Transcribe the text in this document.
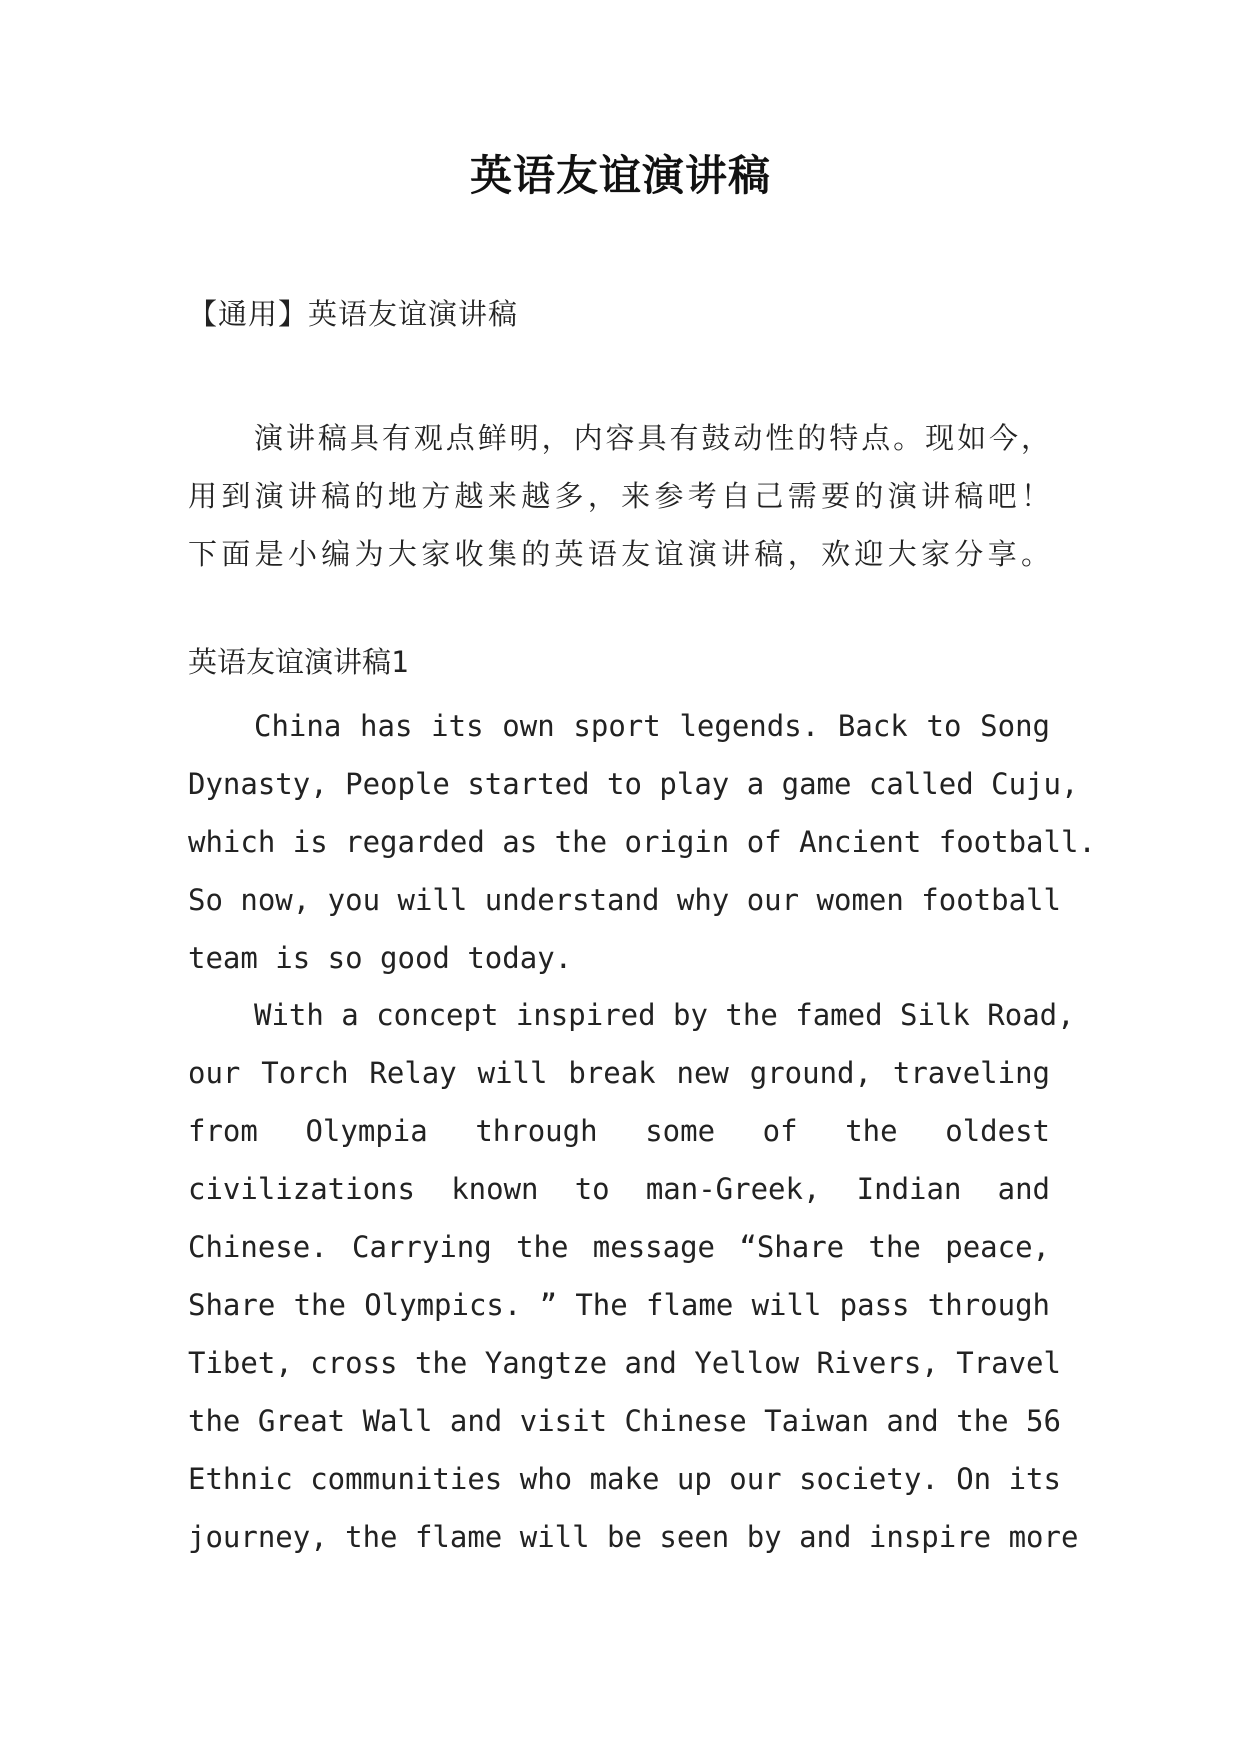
英语友谊演讲稿
【通用】英语友谊演讲稿
演讲稿具有观点鲜明，内容具有鼓动性的特点。现如今，
用到演讲稿的地方越来越多，来参考自己需要的演讲稿吧！
下面是小编为大家收集的英语友谊演讲稿，欢迎大家分享。
英语友谊演讲稿1
China has its own sport legends. Back to Song
Dynasty, People started to play a game called Cuju,
which is regarded as the origin of Ancient football.
So now, you will understand why our women football
team is so good today.
With a concept inspired by the famed Silk Road,
our Torch Relay will break new ground, traveling
from Olympia through some of the oldest
civilizations known to man-Greek, Indian and
Chinese. Carrying the message “Share the peace,
Share the Olympics. ” The flame will pass through
Tibet, cross the Yangtze and Yellow Rivers, Travel
the Great Wall and visit Chinese Taiwan and the 56
Ethnic communities who make up our society. On its
journey, the flame will be seen by and inspire more
